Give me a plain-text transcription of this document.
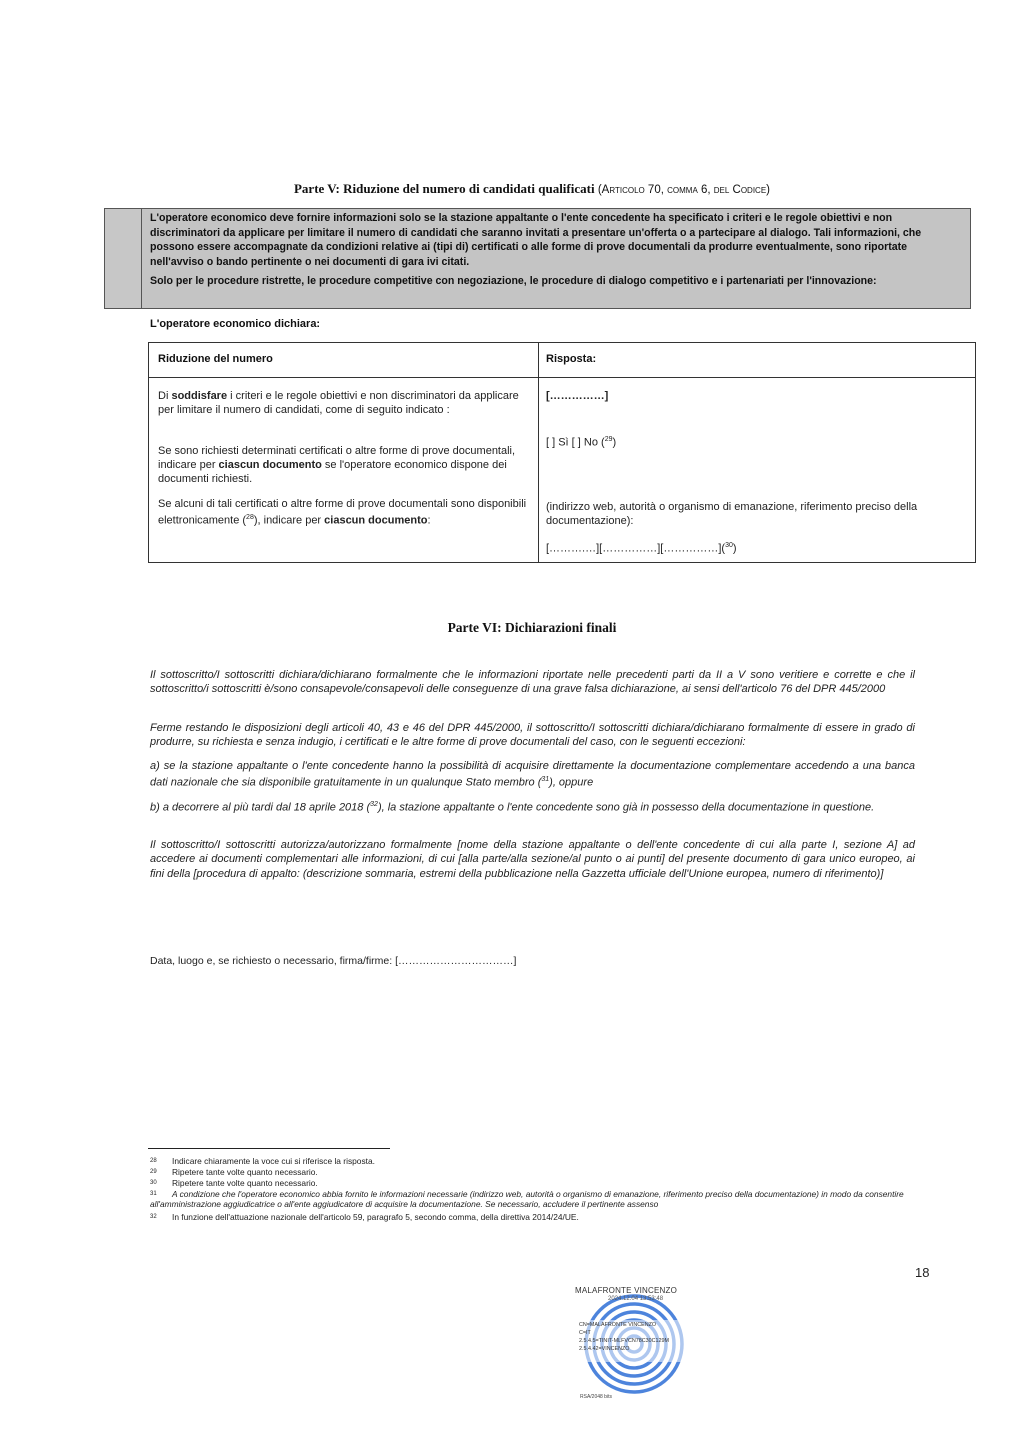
Parte V: Riduzione del numero di candidati qualificati (Articolo 70, comma 6, del Codice)

L'operatore economico deve fornire informazioni solo se la stazione appaltante o l'ente concedente ha specificato i criteri e le regole obiettivi e non discriminatori da applicare per limitare il numero di candidati che saranno invitati a presentare un'offerta o a partecipare al dialogo. Tali informazioni, che possono essere accompagnate da condizioni relative ai (tipi di) certificati o alle forme di prove documentali da produrre eventualmente, sono riportate nell'avviso o bando pertinente o nei documenti di gara ivi citati.

Solo per le procedure ristrette, le procedure competitive con negoziazione, le procedure di dialogo competitivo e i partenariati per l'innovazione:

L'operatore economico dichiara:
Riduzione del numero	Risposta:
Di soddisfare i criteri e le regole obiettivi e non discriminatori da applicare per limitare il numero di candidati, come di seguito indicato :
Se sono richiesti determinati certificati o altre forme di prove documentali, indicare per ciascun documento se l'operatore economico dispone dei documenti richiesti.
Se alcuni di tali certificati o altre forme di prove documentali sono disponibili elettronicamente ($^{28}$), indicare per ciascun documento:
[……………]
[ ] Sì [ ] No ($^{29}$)
(indirizzo web, autorità o organismo di emanazione, riferimento preciso della documentazione):
[……….…][……………][……………]($^{30}$)
Parte VI: Dichiarazioni finali
Il sottoscritto/I sottoscritti dichiara/dichiarano formalmente che le informazioni riportate nelle precedenti parti da II a V sono veritiere e corrette e che il sottoscritto/i sottoscritti è/sono consapevole/consapevoli delle conseguenze di una grave falsa dichiarazione, ai sensi dell'articolo 76 del DPR 445/2000
Ferme restando le disposizioni degli articoli 40, 43 e 46 del DPR 445/2000, il sottoscritto/I sottoscritti dichiara/dichiarano formalmente di essere in grado di produrre, su richiesta e senza indugio, i certificati e le altre forme di prove documentali del caso, con le seguenti eccezioni:
a) se la stazione appaltante o l'ente concedente hanno la possibilità di acquisire direttamente la documentazione complementare accedendo a una banca dati nazionale che sia disponibile gratuitamente in un qualunque Stato membro ($^{31}$), oppure
b) a decorrere al più tardi dal 18 aprile 2018 ($^{32}$), la stazione appaltante o l'ente concedente sono già in possesso della documentazione in questione.
Il sottoscritto/I sottoscritti autorizza/autorizzano formalmente [nome della stazione appaltante o dell'ente concedente di cui alla parte I, sezione A] ad accedere ai documenti complementari alle informazioni, di cui [alla parte/alla sezione/al punto o ai punti] del presente documento di gara unico europeo, ai fini della [procedura di appalto: (descrizione sommaria, estremi della pubblicazione nella Gazzetta ufficiale dell'Unione europea, numero di riferimento)]
Data, luogo e, se richiesto o necessario, firma/firme: [……………………………]
28 Indicare chiaramente la voce cui si riferisce la risposta.
29 Ripetere tante volte quanto necessario.
30 Ripetere tante volte quanto necessario.
31 A condizione che l'operatore economico abbia fornito le informazioni necessarie (indirizzo web, autorità o organismo di emanazione, riferimento preciso della documentazione) in modo da consentire all'amministrazione aggiudicatrice o all'ente aggiudicatore di acquisire la documentazione. Se necessario, accludere il pertinente assenso
32 In funzione dell'attuazione nazionale dell'articolo 59, paragrafo 5, secondo comma, della direttiva 2014/24/UE.
18
MALAFRONTE VINCENZO
2024.12.04 13:53:48
CN=MALAFRONTE VINCENZO
C=IT
2.5.4.5=TINIT-MLFVCN78C30C129M
2.5.4.42=VINCENZO
RSA/2048 bits
